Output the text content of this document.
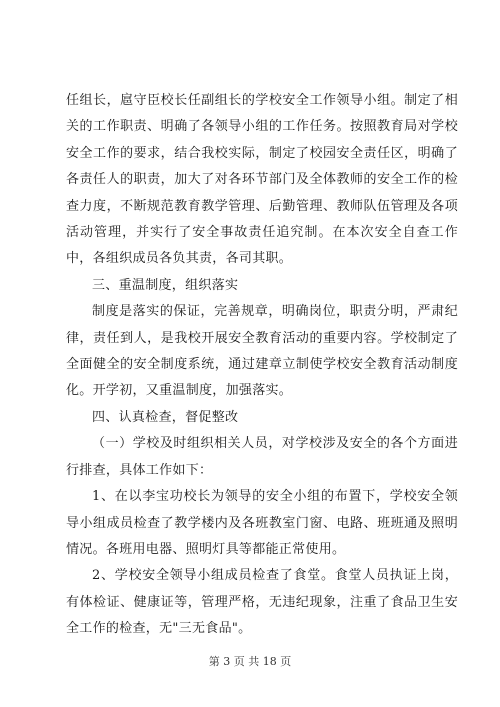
任组长，扈守臣校长任副组长的学校安全工作领导小组。制定了相关的工作职责、明确了各领导小组的工作任务。按照教育局对学校安全工作的要求，结合我校实际，制定了校园安全责任区，明确了各责任人的职责，加大了对各环节部门及全体教师的安全工作的检查力度，不断规范教育教学管理、后勤管理、教师队伍管理及各项活动管理，并实行了安全事故责任追究制。在本次安全自查工作中，各组织成员各负其责，各司其职。

三、重温制度，组织落实

制度是落实的保证，完善规章，明确岗位，职责分明，严肃纪律，责任到人，是我校开展安全教育活动的重要内容。学校制定了全面健全的安全制度系统，通过建章立制使学校安全教育活动制度化。开学初，又重温制度，加强落实。

四、认真检查，督促整改

（一）学校及时组织相关人员，对学校涉及安全的各个方面进行排查，具体工作如下：

1、在以李宝功校长为领导的安全小组的布置下，学校安全领导小组成员检查了教学楼内及各班教室门窗、电路、班班通及照明情况。各班用电器、照明灯具等都能正常使用。

2、学校安全领导小组成员检查了食堂。食堂人员执证上岗，有体检证、健康证等，管理严格，无违纪现象，注重了食品卫生安全工作的检查，无"三无食品"。

第 3 页 共 18 页
